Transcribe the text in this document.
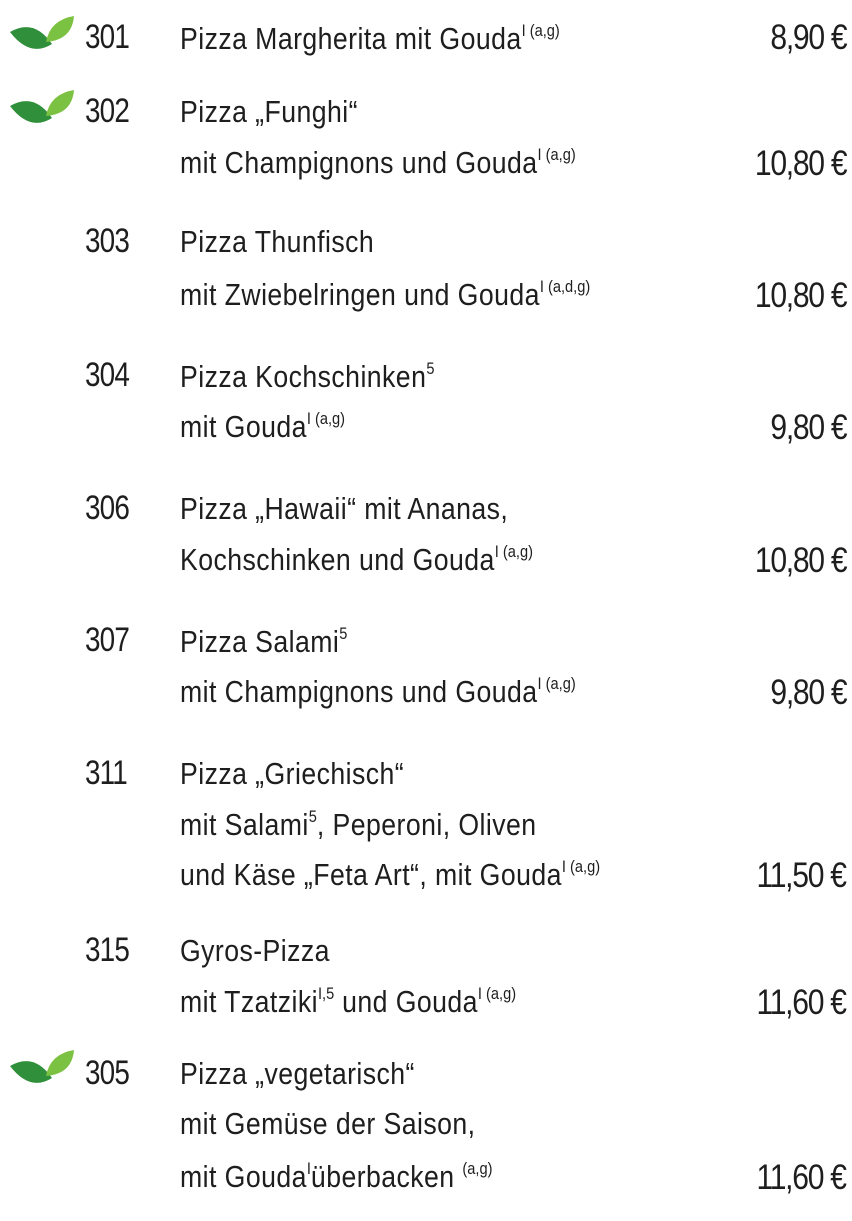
301 Pizza Margherita mit Gouda$^{I (a,g)}$	8,90 €
302 Pizza „Funghi“
mit Champignons und Gouda$^{I (a,g)}$	10,80 €
303 Pizza Thunfisch
mit Zwiebelringen und Gouda$^{I (a,d,g)}$	10,80 €
304 Pizza Kochschinken$^5$
mit Gouda$^{I (a,g)}$	9,80 €
306 Pizza „Hawaii“ mit Ananas,
Kochschinken und Gouda$^{I (a,g)}$	10,80 €
307 Pizza Salami$^5$
mit Champignons und Gouda$^{I (a,g)}$	9,80 €
311 Pizza „Griechisch“
mit Salami$^5$, Peperoni, Oliven
und Käse „Feta Art“, mit Gouda$^{I (a,g)}$	11,50 €
315 Gyros-Pizza
mit Tzatziki$^{I,5}$ und Gouda$^{I (a,g)}$	11,60 €
305 Pizza „vegetarisch“
mit Gemüse der Saison,
mit Gouda$^I$überbacken $^{(a,g)}$	11,60 €
